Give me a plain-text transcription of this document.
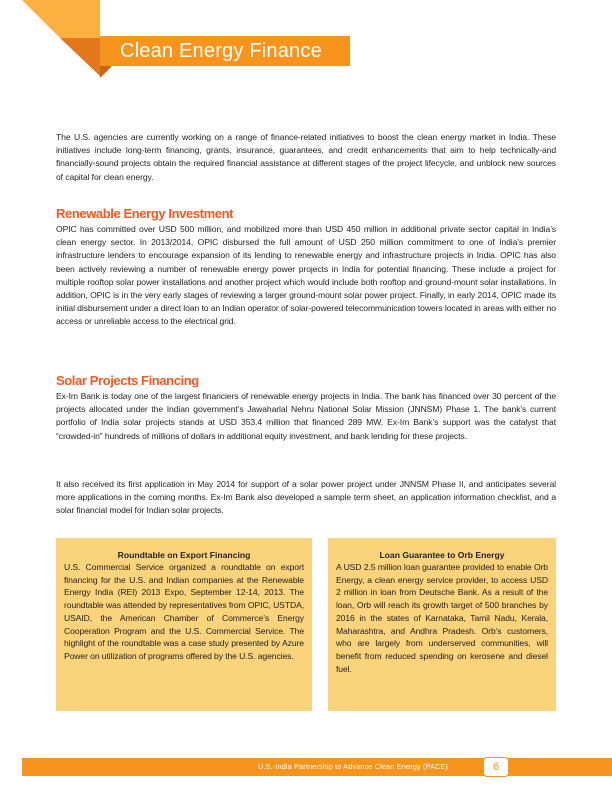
Clean Energy Finance

The U.S. agencies are currently working on a range of finance-related initiatives to boost the clean energy market in India. These initiatives include long-term financing, grants, insurance, guarantees, and credit enhancements that aim to help technically-and financially-sound projects obtain the required financial assistance at different stages of the project lifecycle, and unblock new sources of capital for clean energy.

Renewable Energy Investment

OPIC has committed over USD 500 million, and mobilized more than USD 450 million in additional private sector capital in India’s clean energy sector. In 2013/2014, OPIC disbursed the full amount of USD 250 million commitment to one of India’s premier infrastructure lenders to encourage expansion of its lending to renewable energy and infrastructure projects in India. OPIC has also been actively reviewing a number of renewable energy power projects in India for potential financing. These include a project for multiple rooftop solar power installations and another project which would include both rooftop and ground-mount solar installations. In addition, OPIC is in the very early stages of reviewing a larger ground-mount solar power project. Finally, in early 2014, OPIC made its initial disbursement under a direct loan to an Indian operator of solar-powered telecommunication towers located in areas with either no access or unreliable access to the electrical grid.

Solar Projects Financing

Ex-Im Bank is today one of the largest financiers of renewable energy projects in India. The bank has financed over 30 percent of the projects allocated under the Indian government’s Jawaharlal Nehru National Solar Mission (JNNSM) Phase 1. The bank’s current portfolio of India solar projects stands at USD 353.4 million that financed 289 MW. Ex-Im Bank’s support was the catalyst that “crowded-in” hundreds of millions of dollars in additional equity investment, and bank lending for these projects.

It also received its first application in May 2014 for support of a solar power project under JNNSM Phase II, and anticipates several more applications in the coming months. Ex-Im Bank also developed a sample term sheet, an application information checklist, and a solar financial model for Indian solar projects.

Roundtable on Export Financing

U.S. Commercial Service organized a roundtable on export financing for the U.S. and Indian companies at the Renewable Energy India (REI) 2013 Expo, September 12-14, 2013. The roundtable was attended by representatives from OPIC, USTDA, USAID, the American Chamber of Commerce’s Energy Cooperation Program and the U.S. Commercial Service. The highlight of the roundtable was a case study presented by Azure Power on utilization of programs offered by the U.S. agencies.

Loan Guarantee to Orb Energy

A USD 2.5 million loan guarantee provided to enable Orb Energy, a clean energy service provider, to access USD 2 million in loan from Deutsche Bank. As a result of the loan, Orb will reach its growth target of 500 branches by 2016 in the states of Karnataka, Tamil Nadu, Kerala, Maharashtra, and Andhra Pradesh. Orb’s customers, who are largely from underserved communities, will benefit from reduced spending on kerosene and diesel fuel.

U.S.-India Partnership to Advance Clean Energy (PACE)	6
